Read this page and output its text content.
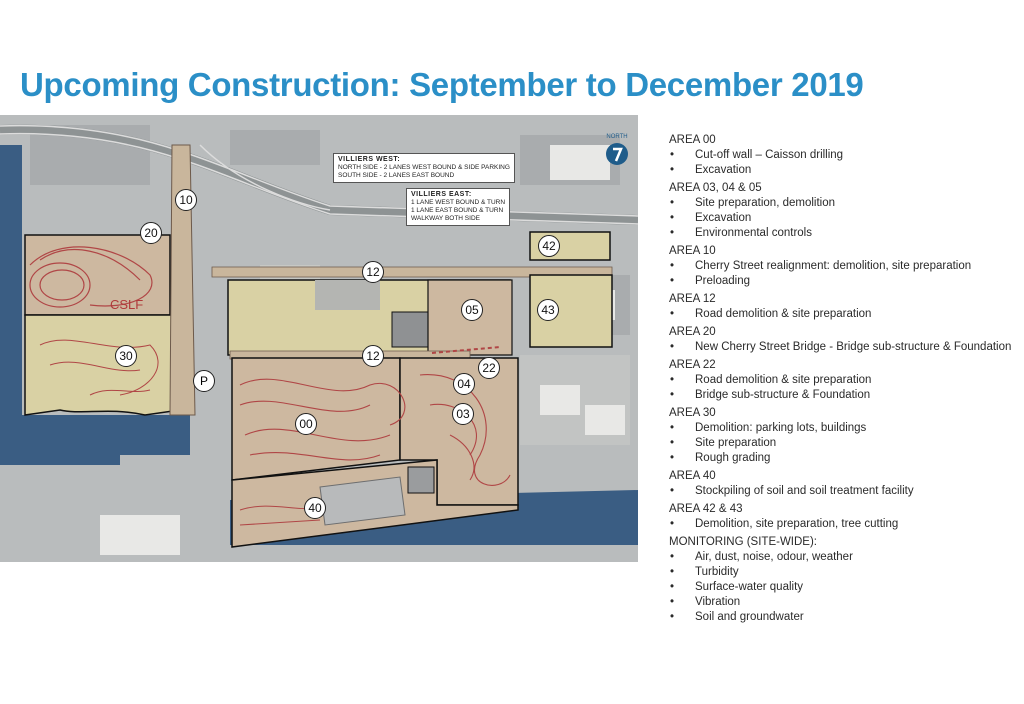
Upcoming Construction: September to December 2019
VILLIERS WEST:
NORTH SIDE - 2 LANES WEST BOUND & SIDE PARKING
SOUTH SIDE - 2 LANES EAST BOUND
VILLIERS EAST:
1 LANE WEST BOUND & TURN
1 LANE EAST BOUND & TURN
WALKWAY BOTH SIDE
10
20
12
42
05	43
30	12
22
04
00
03
40
P
CSLF
NORTH	AREA 00
• Cut-off wall – Caisson drilling
• Excavation
AREA 03, 04 & 05
• Site preparation, demolition
• Excavation
• Environmental controls
AREA 10
• Cherry Street realignment: demolition, site preparation
• Preloading
AREA 12
• Road demolition & site preparation
AREA 20
• New Cherry Street Bridge - Bridge sub-structure & Foundation
AREA 22
• Road demolition & site preparation
• Bridge sub-structure & Foundation
AREA 30
• Demolition: parking lots, buildings
• Site preparation
• Rough grading
AREA 40
• Stockpiling of soil and soil treatment facility
AREA 42 & 43
• Demolition, site preparation, tree cutting
MONITORING (SITE-WIDE):
• Air, dust, noise, odour, weather
• Turbidity
• Surface-water quality
• Vibration
• Soil and groundwater
